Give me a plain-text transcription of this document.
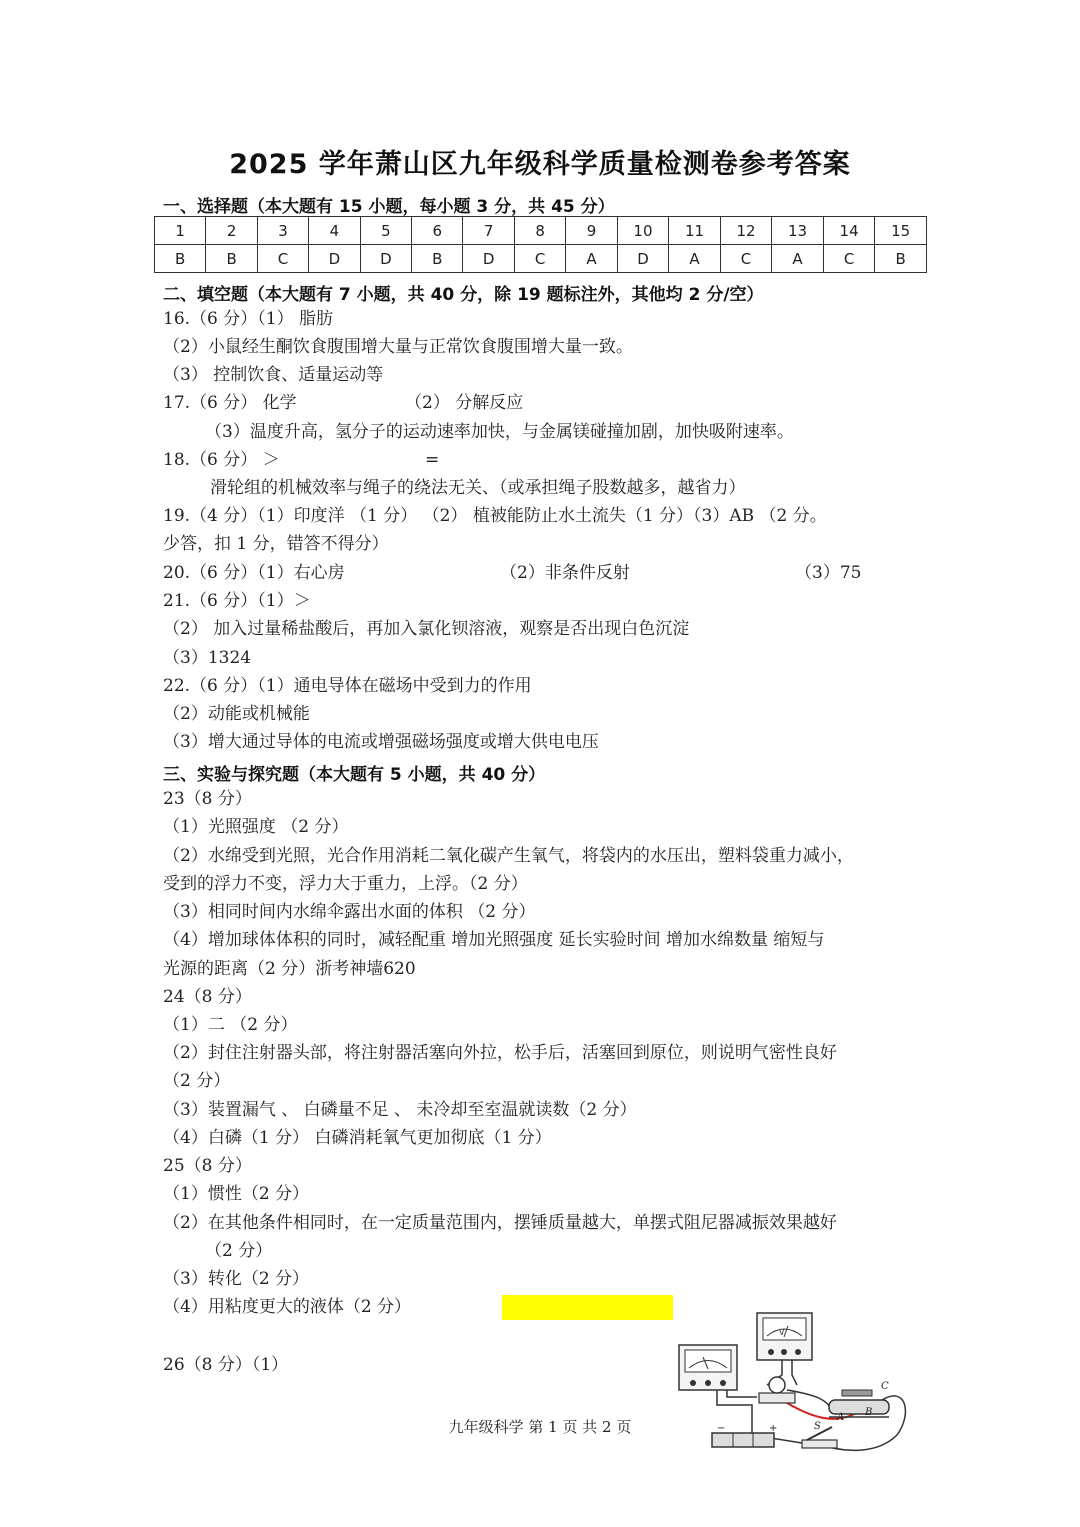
2025 学年萧山区九年级科学质量检测卷参考答案
一、选择题（本大题有 15 小题，每小题 3 分，共 45 分）
1	2	3	4	5	6	7	8	9	10	11	12	13	14	15
B	B	C	D	D	B	D	C	A	D	A	C	A	C	B
二、填空题（本大题有 7 小题，共 40 分，除 19 题标注外，其他均 2 分/空）
16.（6 分）（1） 脂肪
（2）小鼠经生酮饮食腹围增大量与正常饮食腹围增大量一致。
（3） 控制饮食、适量运动等
17.（6 分） 化学	（2） 分解反应
（3）温度升高，氢分子的运动速率加快，与金属镁碰撞加剧，加快吸附速率。
18.（6 分） ＞	=
滑轮组的机械效率与绳子的绕法无关、（或承担绳子股数越多，越省力）
19.（4 分）（1）印度洋 （1 分） （2） 植被能防止水土流失（1 分）（3）AB （2 分。
少答，扣 1 分，错答不得分）
20.（6 分）（1）右心房	（2）非条件反射	（3）75
21.（6 分）（1）＞
（2） 加入过量稀盐酸后，再加入氯化钡溶液，观察是否出现白色沉淀
（3）1324
22.（6 分）（1）通电导体在磁场中受到力的作用
（2）动能或机械能
（3）增大通过导体的电流或增强磁场强度或增大供电电压
三、实验与探究题（本大题有 5 小题，共 40 分）
23（8 分）
（1）光照强度 （2 分）
（2）水绵受到光照，光合作用消耗二氧化碳产生氧气，将袋内的水压出，塑料袋重力减小，
受到的浮力不变，浮力大于重力，上浮。（2 分）
（3）相同时间内水绵伞露出水面的体积 （2 分）
（4）增加球体体积的同时，减轻配重 增加光照强度 延长实验时间 增加水绵数量 缩短与
光源的距离（2 分）浙考神墙620
24（8 分）
（1）二 （2 分）
（2）封住注射器头部，将注射器活塞向外拉，松手后，活塞回到原位，则说明气密性良好
（2 分）
（3）装置漏气 、 白磷量不足 、 未冷却至室温就读数（2 分）
（4）白磷（1 分） 白磷消耗氧气更加彻底（1 分）
25（8 分）
（1）惯性（2 分）
（2）在其他条件相同时，在一定质量范围内，摆锤质量越大，单摆式阻尼器减振效果越好
（2 分）
（3）转化（2 分）
（4）用粘度更大的液体（2 分）
26（8 分）（1）
V
A B
C
−	+	S
九年级科学 第 1 页 共 2 页
